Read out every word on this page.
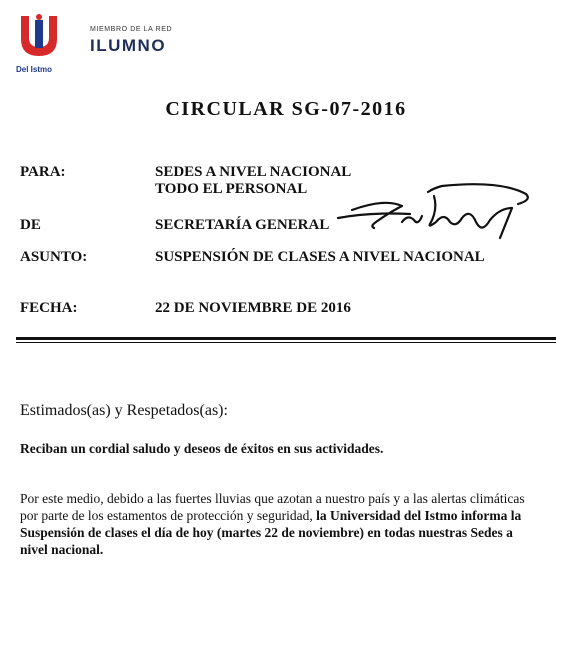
Del Istmo
MIEMBRO DE LA RED
ILUMNO
CIRCULAR SG-07-2016
PARA:	SEDES A NIVEL NACIONAL
TODO EL PERSONAL
DE	SECRETARÍA GENERAL
ASUNTO:	SUSPENSIÓN DE CLASES A NIVEL NACIONAL
FECHA:	22 DE NOVIEMBRE DE 2016
Estimados(as) y Respetados(as):
Reciban un cordial saludo y deseos de éxitos en sus actividades.
Por este medio, debido a las fuertes lluvias que azotan a nuestro país y a las alertas climáticas por parte de los estamentos de protección y seguridad, la Universidad del Istmo informa la Suspensión de clases el día de hoy (martes 22 de noviembre) en todas nuestras Sedes a nivel nacional.
